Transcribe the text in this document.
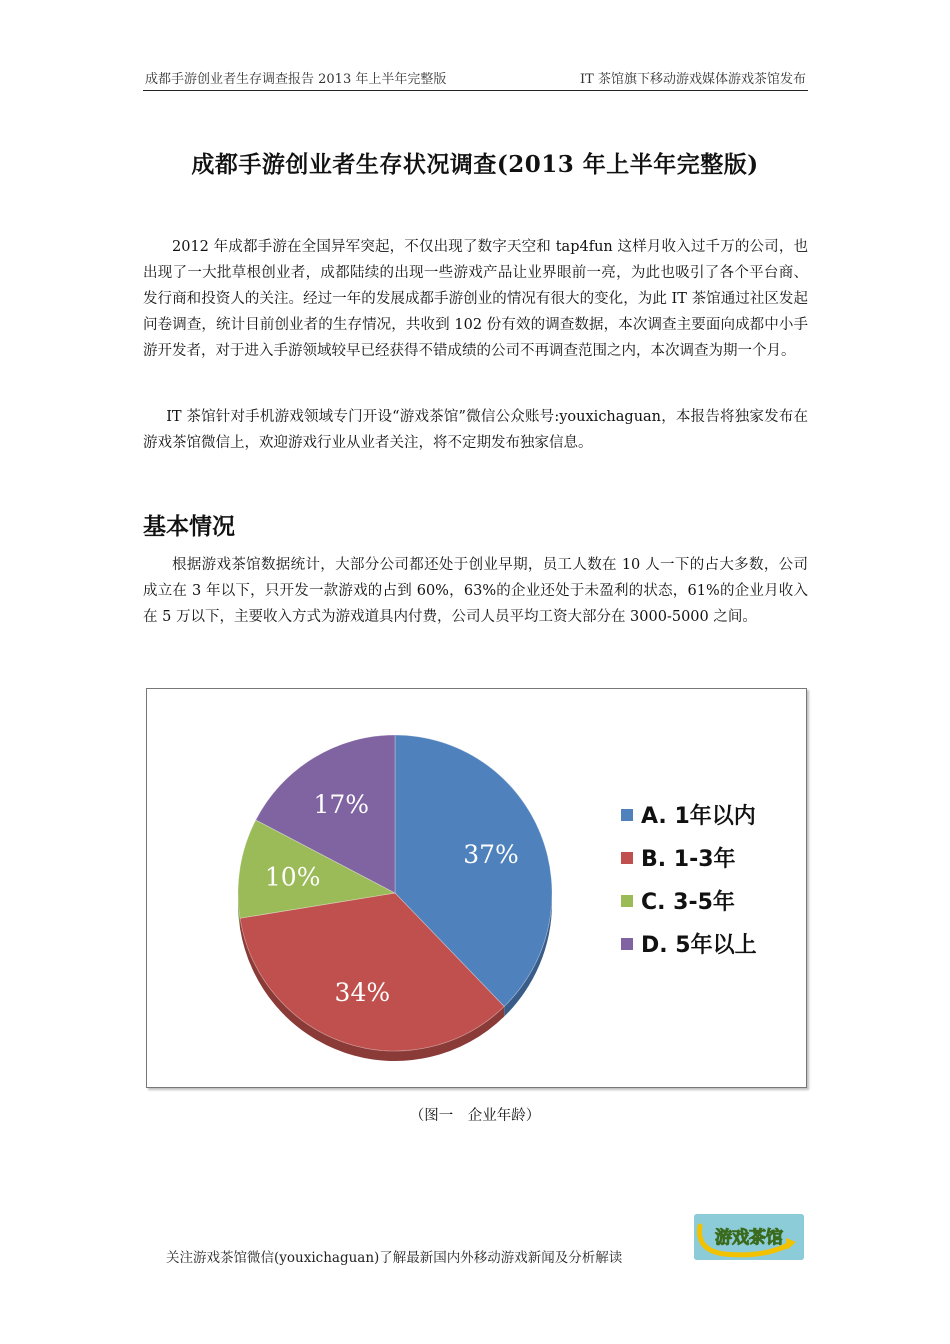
成都手游创业者生存调查报告 2013 年上半年完整版	IT 茶馆旗下移动游戏媒体游戏茶馆发布
成都手游创业者生存状况调查(2013 年上半年完整版)

2012 年成都手游在全国异军突起，不仅出现了数字天空和 tap4fun 这样月收入过千万的公司，也出现了一大批草根创业者，成都陆续的出现一些游戏产品让业界眼前一亮，为此也吸引了各个平台商、发行商和投资人的关注。经过一年的发展成都手游创业的情况有很大的变化，为此 IT 茶馆通过社区发起问卷调查，统计目前创业者的生存情况，共收到 102 份有效的调查数据，本次调查主要面向成都中小手游开发者，对于进入手游领域较早已经获得不错成绩的公司不再调查范围之内，本次调查为期一个月。

IT 茶馆针对手机游戏领域专门开设“游戏茶馆”微信公众账号:youxichaguan，本报告将独家发布在游戏茶馆微信上，欢迎游戏行业从业者关注，将不定期发布独家信息。

基本情况

根据游戏茶馆数据统计，大部分公司都还处于创业早期，员工人数在 10 人一下的占大多数，公司成立在 3 年以下，只开发一款游戏的占到 60%，63%的企业还处于未盈利的状态，61%的企业月收入在 5 万以下，主要收入方式为游戏道具内付费，公司人员平均工资大部分在 3000-5000 之间。

37%
34%
10%
17%	A. 1年以内
B. 1-3年
C. 3-5年
D. 5年以上
（图一　企业年龄）
关注游戏茶馆微信(youxichaguan)了解最新国内外移动游戏新闻及分析解读
游戏茶馆
